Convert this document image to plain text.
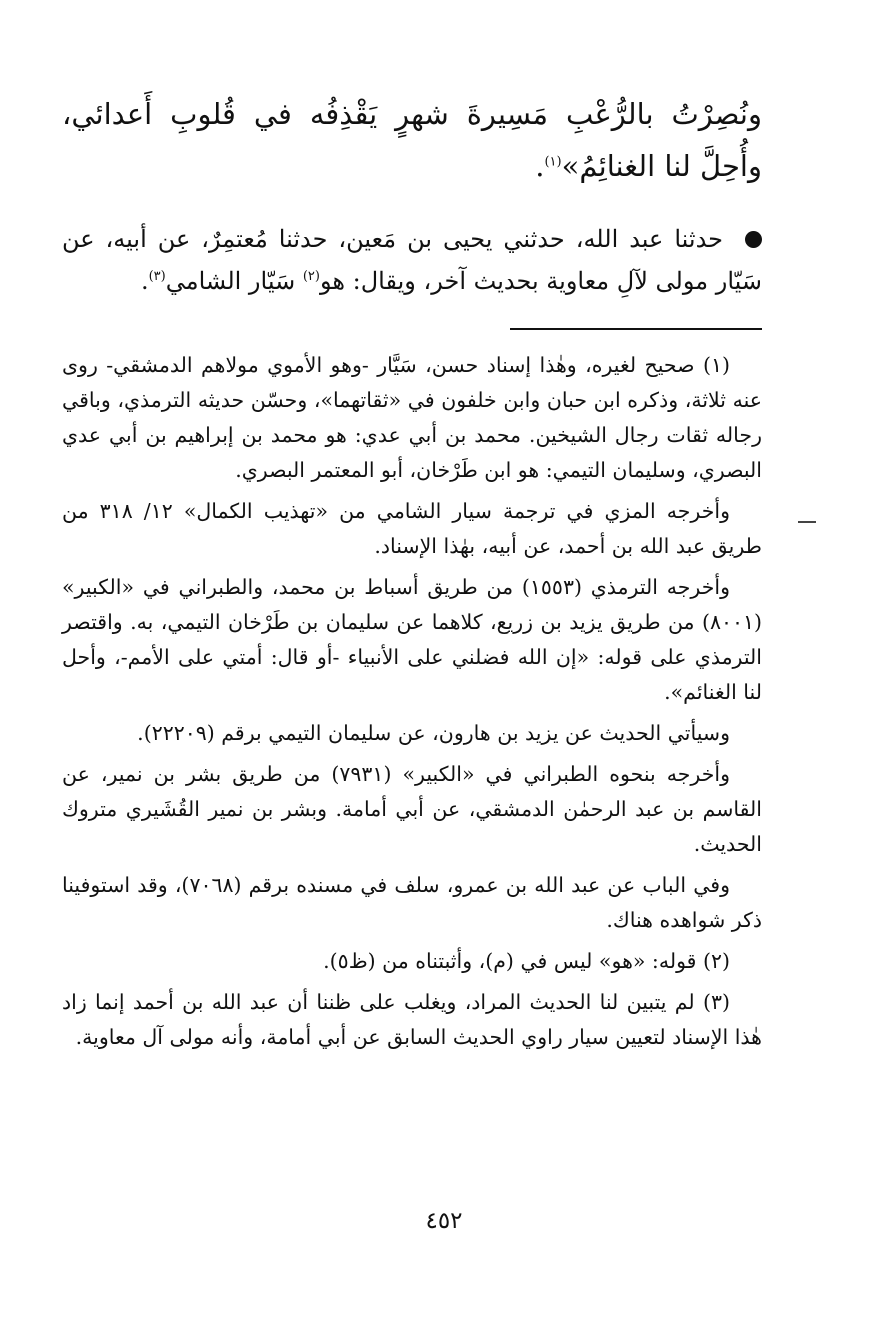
ونُصِرْتُ بالرُّعْبِ مَسِيرةَ شهرٍ يَقْذِفُه في قُلوبِ أَعدائي، وأُحِلَّ لنا الغنائِمُ»$^{(١)}$.

حدثنا عبد الله، حدثني يحيى بن مَعين، حدثنا مُعتمِرٌ، عن أبيه، عن سَيّار مولى لآلِ معاوية بحديث آخر، ويقال: هو$^{(٢)}$ سَيّار الشامي$^{(٣)}$.

(١) صحيح لغيره، وهٰذا إسناد حسن، سَيَّار -وهو الأموي مولاهم الدمشقي- روى عنه ثلاثة، وذكره ابن حبان وابن خلفون في «ثقاتهما»، وحسّن حديثه الترمذي، وباقي رجاله ثقات رجال الشيخين. محمد بن أبي عدي: هو محمد بن إبراهيم بن أبي عدي البصري، وسليمان التيمي: هو ابن طَرْخان، أبو المعتمر البصري.

وأخرجه المزي في ترجمة سيار الشامي من «تهذيب الكمال» ١٢/ ٣١٨ من طريق عبد الله بن أحمد، عن أبيه، بهٰذا الإسناد.

وأخرجه الترمذي (١٥٥٣) من طريق أسباط بن محمد، والطبراني في «الكبير» (٨٠٠١) من طريق يزيد بن زريع، كلاهما عن سليمان بن طَرْخان التيمي، به. واقتصر الترمذي على قوله: «إن الله فضلني على الأنبياء -أو قال: أمتي على الأمم-، وأحل لنا الغنائم».

وسيأتي الحديث عن يزيد بن هارون، عن سليمان التيمي برقم (٢٢٢٠٩).

وأخرجه بنحوه الطبراني في «الكبير» (٧٩٣١) من طريق بشر بن نمير، عن القاسم بن عبد الرحمٰن الدمشقي، عن أبي أمامة. وبشر بن نمير القُشَيري متروك الحديث.

وفي الباب عن عبد الله بن عمرو، سلف في مسنده برقم (٧٠٦٨)، وقد استوفينا ذكر شواهده هناك.

(٢) قوله: «هو» ليس في (م)، وأثبتناه من (ظ٥).

(٣) لم يتبين لنا الحديث المراد، ويغلب على ظننا أن عبد الله بن أحمد إنما زاد هٰذا الإسناد لتعيين سيار راوي الحديث السابق عن أبي أمامة، وأنه مولى آل معاوية.

٤٥٢
